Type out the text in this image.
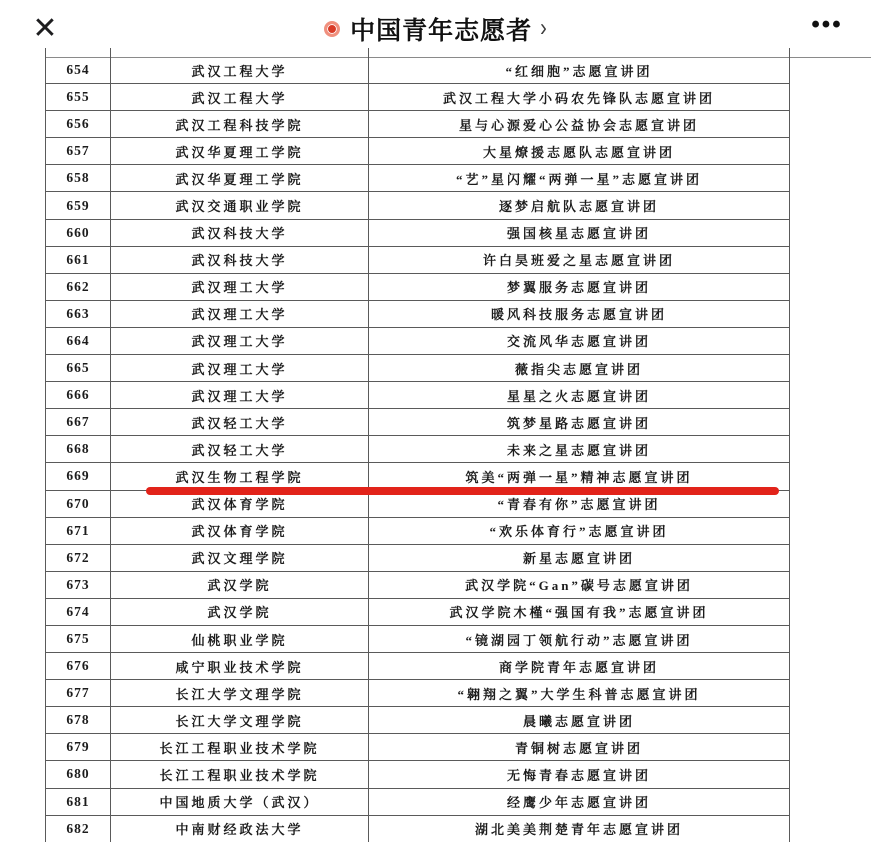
✕	中国青年志愿者 ›	•••
654	武汉工程大学	“红细胞”志愿宣讲团
655	武汉工程大学	武汉工程大学小码农先锋队志愿宣讲团
656	武汉工程科技学院	星与心源爱心公益协会志愿宣讲团
657	武汉华夏理工学院	大星燎援志愿队志愿宣讲团
658	武汉华夏理工学院	“艺”星闪耀“两弹一星”志愿宣讲团
659	武汉交通职业学院	逐梦启航队志愿宣讲团
660	武汉科技大学	强国核星志愿宣讲团
661	武汉科技大学	许白昊班爱之星志愿宣讲团
662	武汉理工大学	梦翼服务志愿宣讲团
663	武汉理工大学	暖风科技服务志愿宣讲团
664	武汉理工大学	交流风华志愿宣讲团
665	武汉理工大学	薇指尖志愿宣讲团
666	武汉理工大学	星星之火志愿宣讲团
667	武汉轻工大学	筑梦星路志愿宣讲团
668	武汉轻工大学	未来之星志愿宣讲团
669	武汉生物工程学院	筑美“两弹一星”精神志愿宣讲团
670	武汉体育学院	“青春有你”志愿宣讲团
671	武汉体育学院	“欢乐体育行”志愿宣讲团
672	武汉文理学院	新星志愿宣讲团
673	武汉学院	武汉学院“Gan”碳号志愿宣讲团
674	武汉学院	武汉学院木槿“强国有我”志愿宣讲团
675	仙桃职业学院	“镜湖园丁领航行动”志愿宣讲团
676	咸宁职业技术学院	商学院青年志愿宣讲团
677	长江大学文理学院	“翱翔之翼”大学生科普志愿宣讲团
678	长江大学文理学院	晨曦志愿宣讲团
679	长江工程职业技术学院	青铜树志愿宣讲团
680	长江工程职业技术学院	无悔青春志愿宣讲团
681	中国地质大学（武汉）	经鹰少年志愿宣讲团
682	中南财经政法大学	湖北美美荆楚青年志愿宣讲团
